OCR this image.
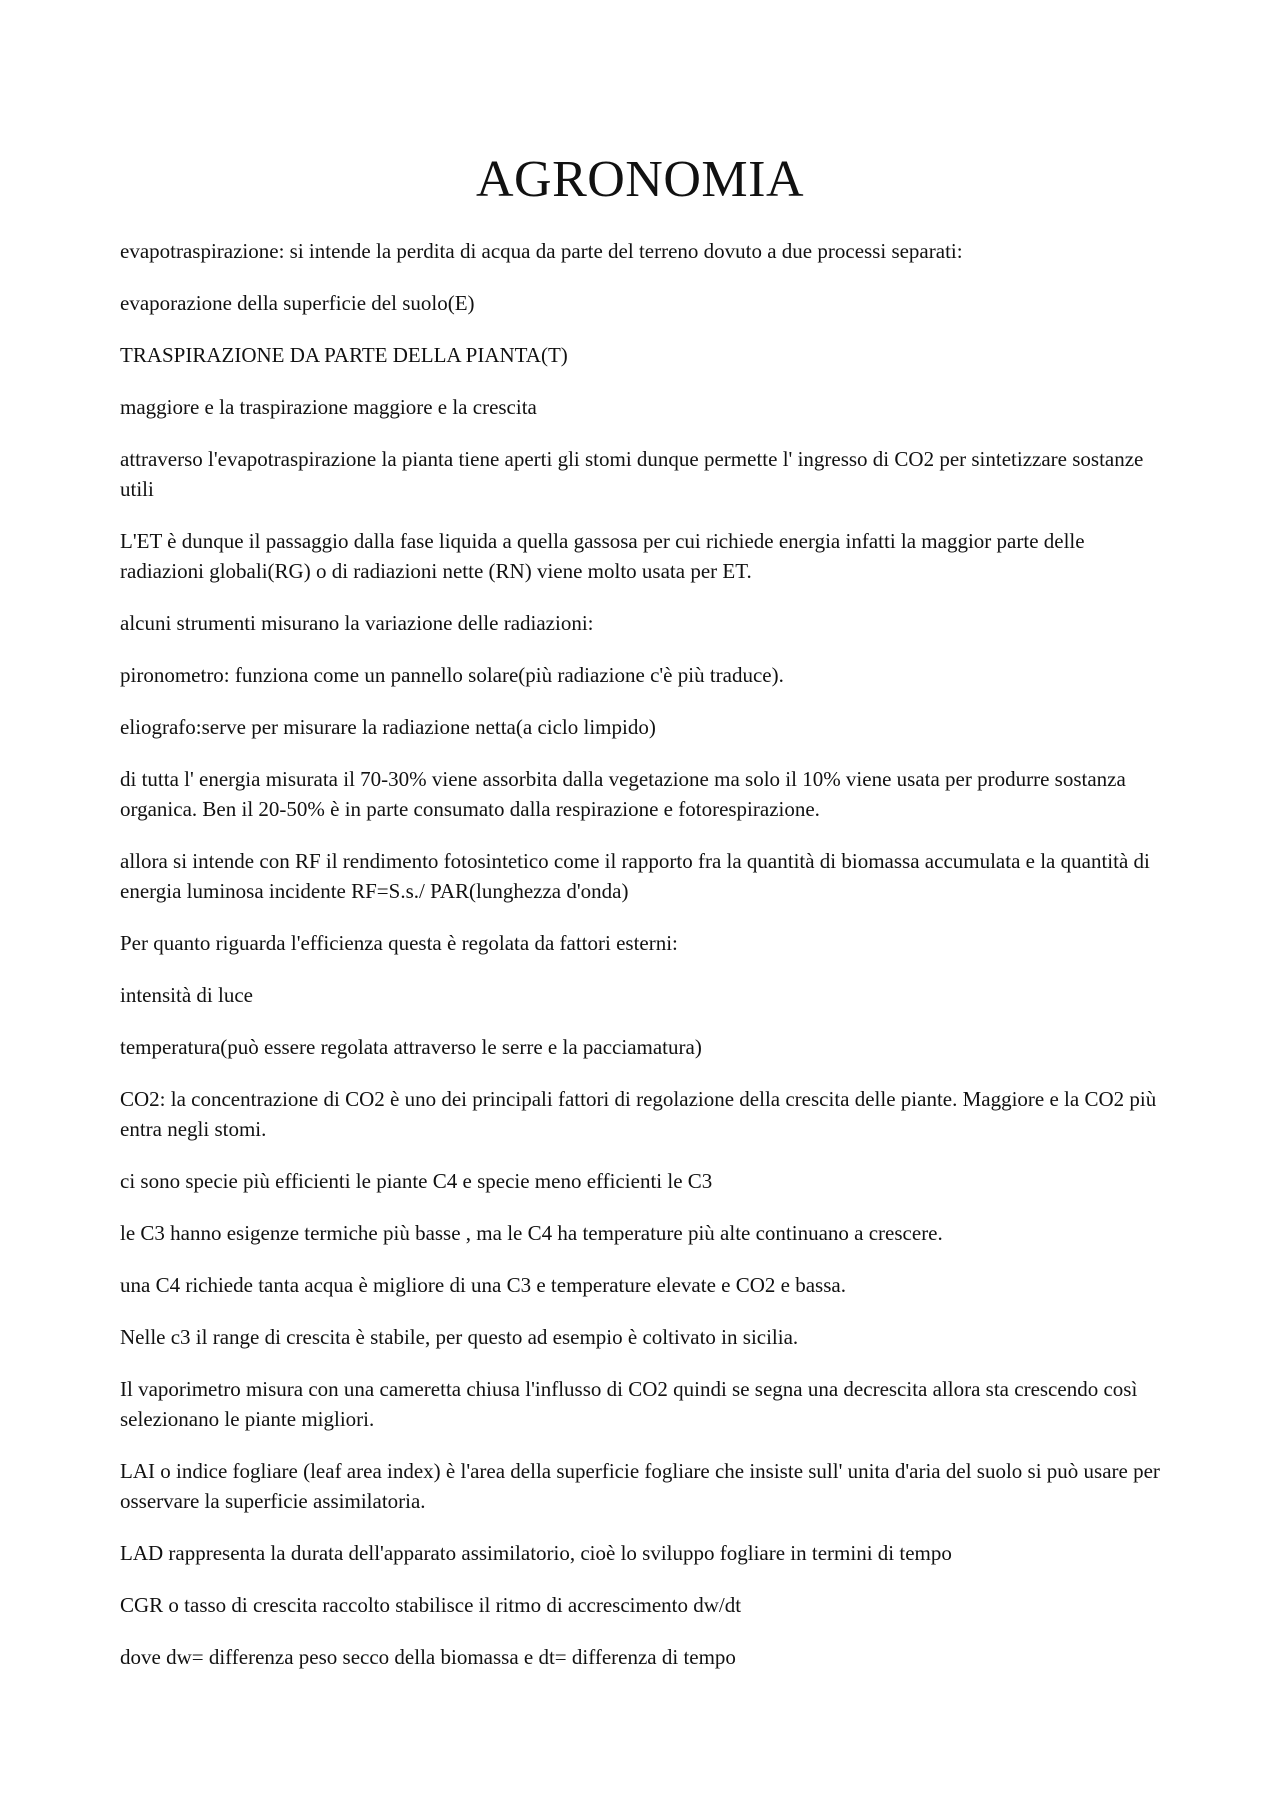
AGRONOMIA

evapotraspirazione: si intende la perdita di acqua da parte del terreno dovuto a due processi separati:

evaporazione della superficie del suolo(E)

TRASPIRAZIONE DA PARTE DELLA PIANTA(T)

maggiore e la traspirazione maggiore e la crescita

attraverso l'evapotraspirazione la pianta tiene aperti gli stomi dunque permette l' ingresso di CO2 per sintetizzare sostanze utili

L'ET è dunque il passaggio dalla fase liquida a quella gassosa per cui richiede energia infatti la maggior parte delle radiazioni globali(RG) o di radiazioni nette (RN) viene molto usata per ET.

alcuni strumenti misurano la variazione delle radiazioni:

pironometro: funziona come un pannello solare(più radiazione c'è più traduce).

eliografo:serve per misurare la radiazione netta(a ciclo limpido)

di tutta l' energia misurata il 70-30% viene assorbita dalla vegetazione ma solo il 10% viene usata per produrre sostanza organica. Ben il 20-50% è in parte consumato dalla respirazione e fotorespirazione.

allora si intende con RF il rendimento fotosintetico come il rapporto fra la quantità di biomassa accumulata e la quantità di energia luminosa incidente RF=S.s./ PAR(lunghezza d'onda)

Per quanto riguarda l'efficienza questa è regolata da fattori esterni:

intensità di luce

temperatura(può essere regolata attraverso le serre e la pacciamatura)

CO2: la concentrazione di CO2 è uno dei principali fattori di regolazione della crescita delle piante. Maggiore e la CO2 più entra negli stomi.

ci sono specie più efficienti le piante C4 e specie meno efficienti le C3

le C3 hanno esigenze termiche più basse , ma le C4 ha temperature più alte continuano a crescere.

una C4 richiede tanta acqua è migliore di una C3 e temperature elevate e CO2 e bassa.

Nelle c3 il range di crescita è stabile, per questo ad esempio è coltivato in sicilia.

Il vaporimetro misura con una cameretta chiusa l'influsso di CO2 quindi se segna una decrescita allora sta crescendo così selezionano le piante migliori.

LAI o indice fogliare (leaf area index) è l'area della superficie fogliare che insiste sull' unita d'aria del suolo si può usare per osservare la superficie assimilatoria.

LAD rappresenta la durata dell'apparato assimilatorio, cioè lo sviluppo fogliare in termini di tempo

CGR o tasso di crescita raccolto stabilisce il ritmo di accrescimento dw/dt

dove dw= differenza peso secco della biomassa e dt= differenza di tempo
